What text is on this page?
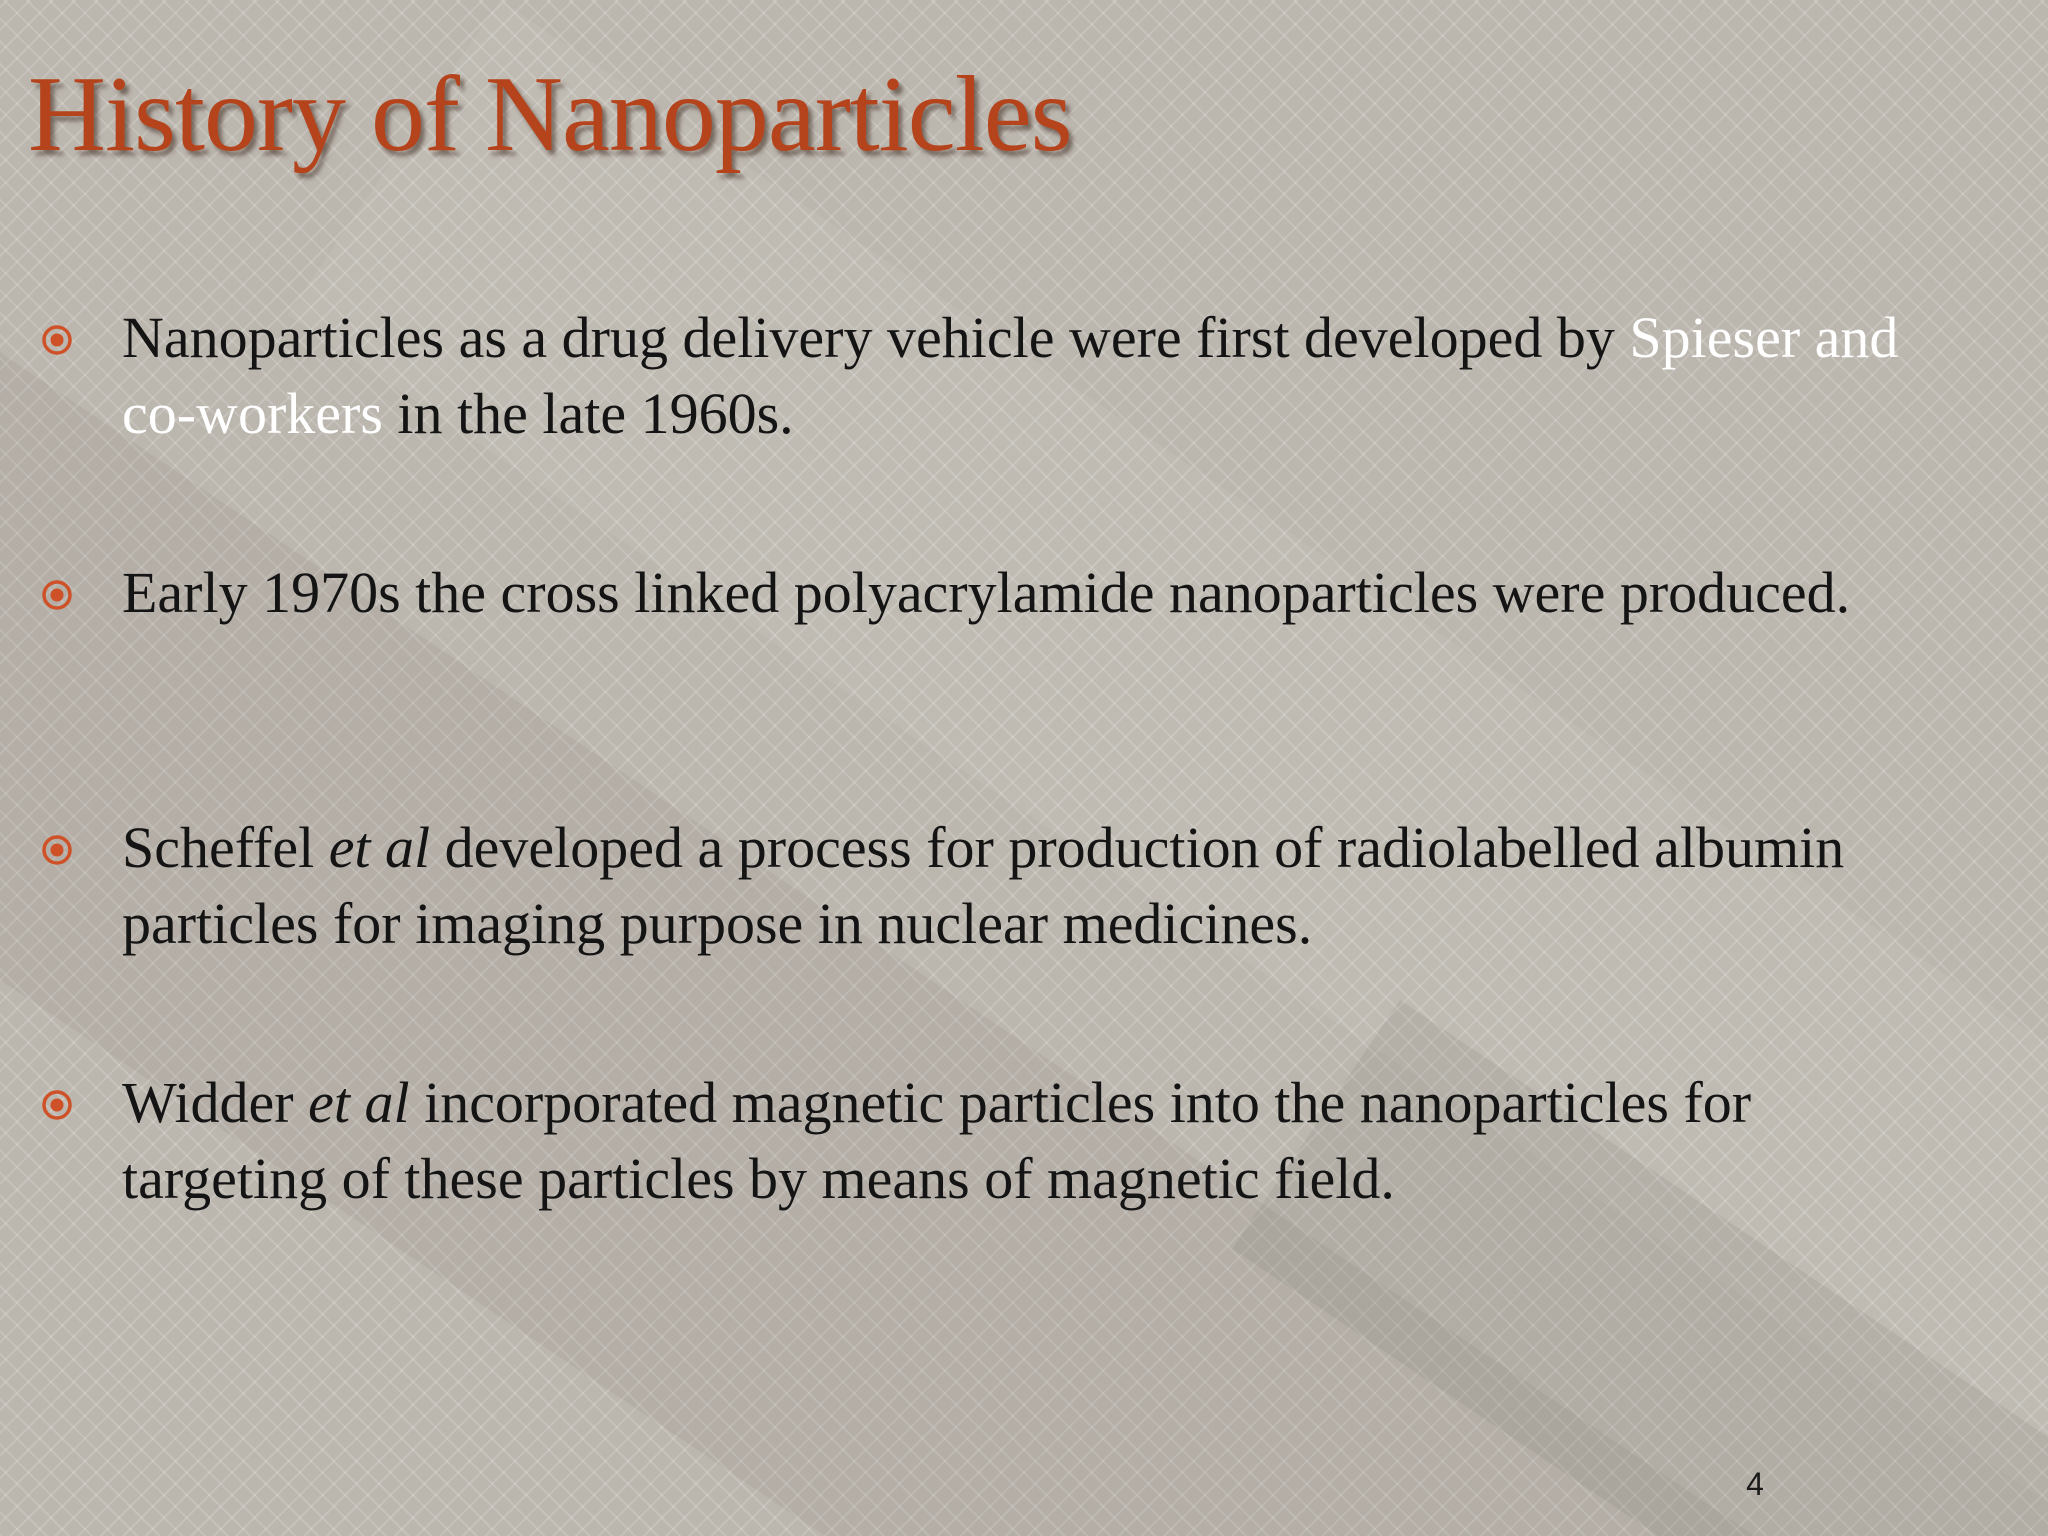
History of Nanoparticles
Nanoparticles as a drug delivery vehicle were first developed by Spieser and co-workers in the late 1960s.
Early 1970s the cross linked polyacrylamide nanoparticles were produced.
Scheffel et al developed a process for production of radiolabelled albumin particles for imaging purpose in nuclear medicines.
Widder et al incorporated magnetic particles into the nanoparticles for targeting of these particles by means of magnetic field.
4
